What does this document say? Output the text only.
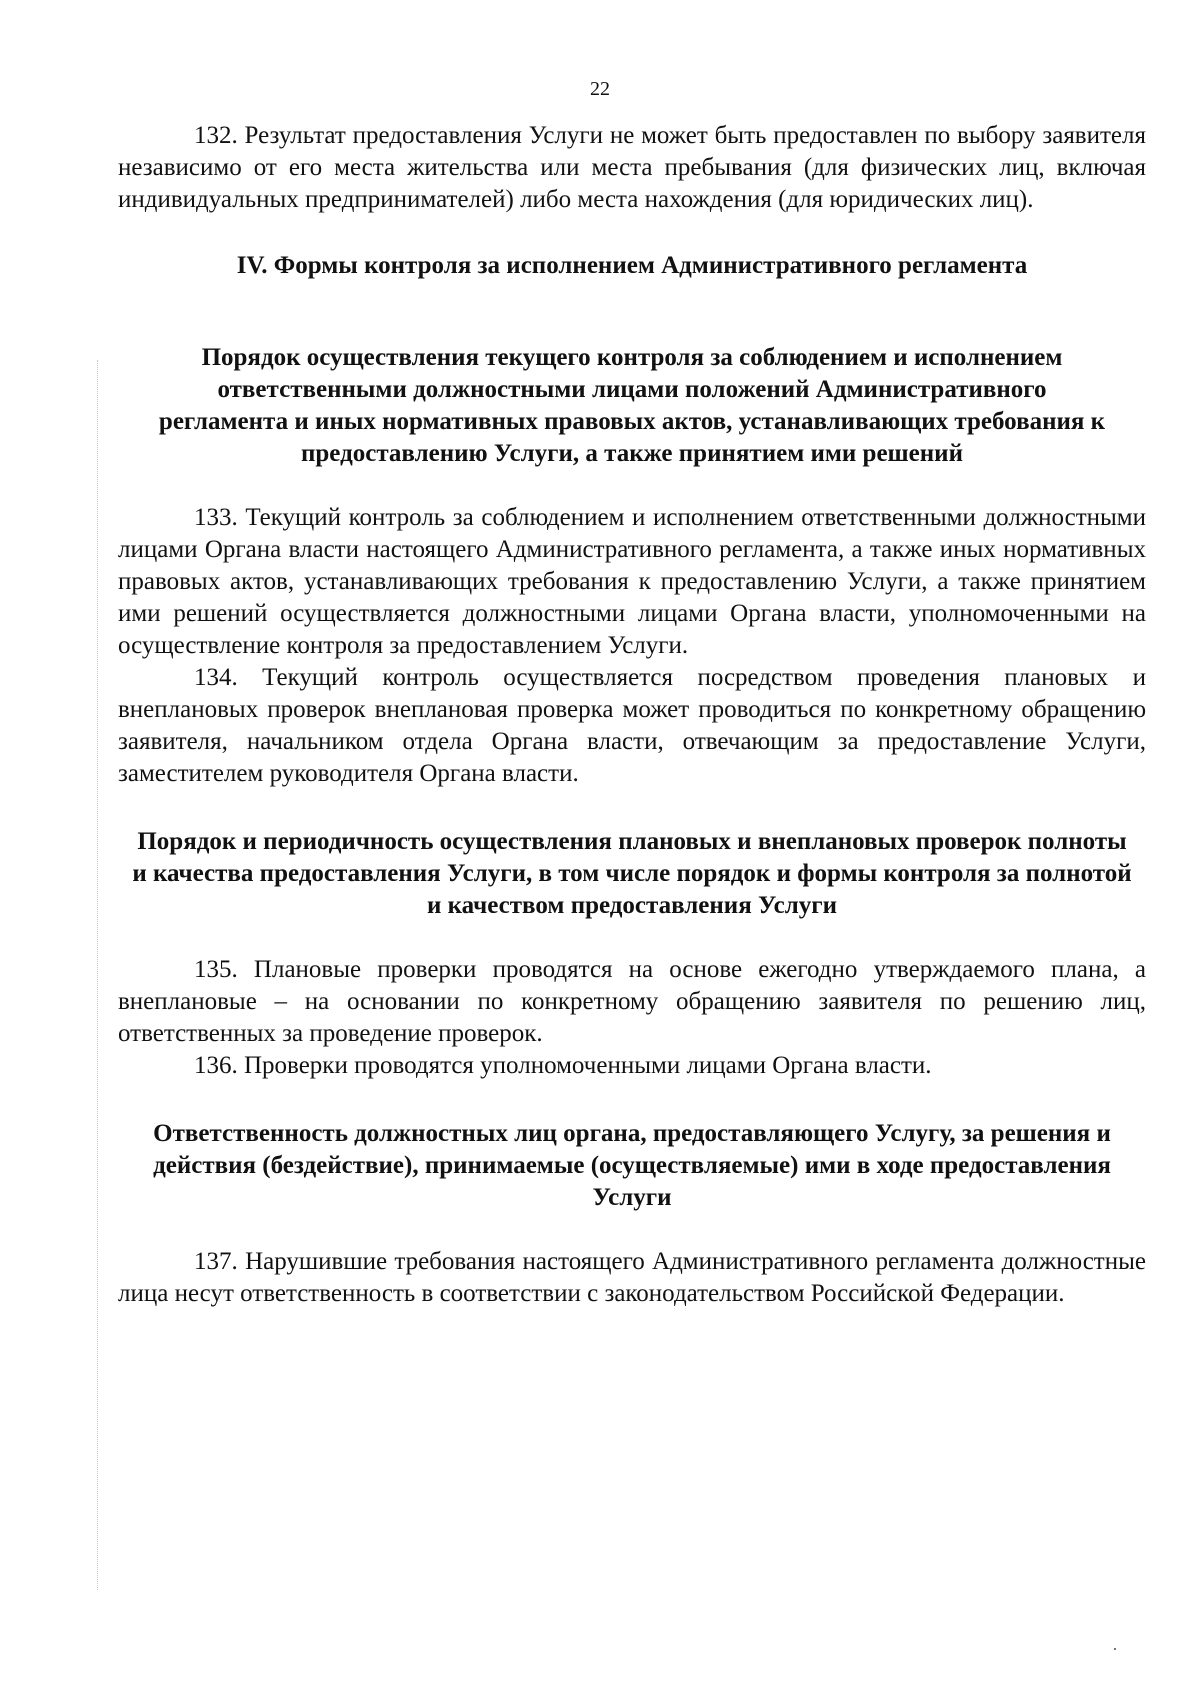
22

132. Результат предоставления Услуги не может быть предоставлен по выбору заявителя независимо от его места жительства или места пребывания (для физических лиц, включая индивидуальных предпринимателей) либо места нахождения (для юридических лиц).

IV. Формы контроля за исполнением Административного регламента
Порядок осуществления текущего контроля за соблюдением и исполнением ответственными должностными лицами положений Административного регламента и иных нормативных правовых актов, устанавливающих требования к предоставлению Услуги, а также принятием ими решений

133. Текущий контроль за соблюдением и исполнением ответственными должностными лицами Органа власти настоящего Административного регламента, а также иных нормативных правовых актов, устанавливающих требования к предоставлению Услуги, а также принятием ими решений осуществляется должностными лицами Органа власти, уполномоченными на осуществление контроля за предоставлением Услуги.

134. Текущий контроль осуществляется посредством проведения плановых и внеплановых проверок внеплановая проверка может проводиться по конкретному обращению заявителя, начальником отдела Органа власти, отвечающим за предоставление Услуги, заместителем руководителя Органа власти.

Порядок и периодичность осуществления плановых и внеплановых проверок полноты и качества предоставления Услуги, в том числе порядок и формы контроля за полнотой и качеством предоставления Услуги

135. Плановые проверки проводятся на основе ежегодно утверждаемого плана, а внеплановые – на основании по конкретному обращению заявителя по решению лиц, ответственных за проведение проверок.

136. Проверки проводятся уполномоченными лицами Органа власти.

Ответственность должностных лиц органа, предоставляющего Услугу, за решения и действия (бездействие), принимаемые (осуществляемые) ими в ходе предоставления Услуги

137. Нарушившие требования настоящего Административного регламента должностные лица несут ответственность в соответствии с законодательством Российской Федерации.
